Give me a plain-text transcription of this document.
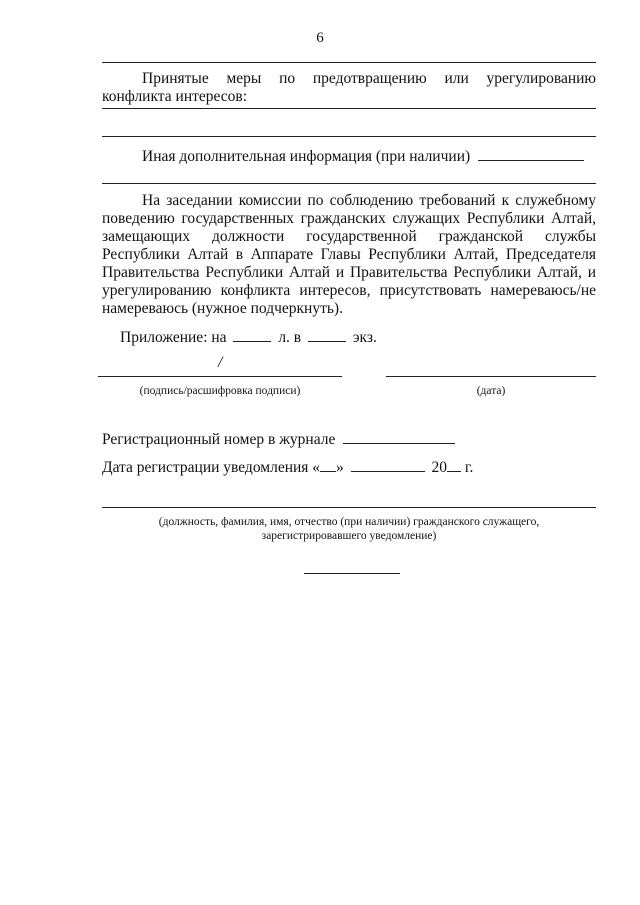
6
Принятые меры по предотвращению или урегулированию
конфликта интересов:
Иная дополнительная информация (при наличии)
На заседании комиссии по соблюдению требований к служебному
поведению государственных гражданских служащих Республики Алтай,
замещающих должности государственной гражданской службы
Республики Алтай в Аппарате Главы Республики Алтай, Председателя
Правительства Республики Алтай и Правительства Республики Алтай, и
урегулированию конфликта интересов, присутствовать намереваюсь/не
намереваюсь (нужное подчеркнуть).
Приложение: на	л. в	экз.
/
(подпись/расшифровка подписи)	(дата)
Регистрационный номер в журнале
Дата регистрации уведомления « »	20 г.
(должность, фамилия, имя, отчество (при наличии) гражданского служащего,
зарегистрировавшего уведомление)
